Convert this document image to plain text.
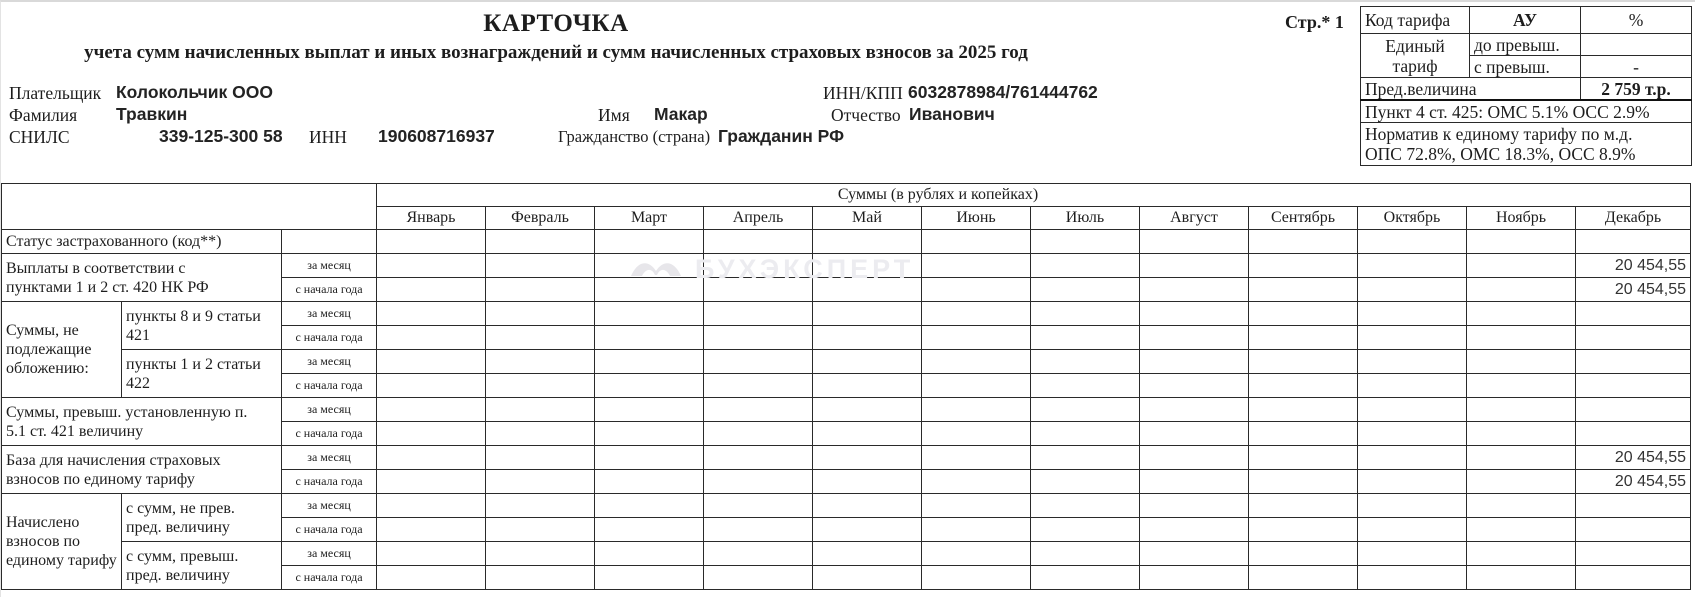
КАРТОЧКА
учета сумм начисленных выплат и иных вознаграждений и сумм начисленных страховых взносов за 2025 год
Стр.* 1 Код тарифа	АУ	%
Единый тариф	до превыш.	
	с превыш.	-
Пред.величина		2 759 т.р.
Пункт 4 ст. 425: ОМС 5.1% ОСС 2.9%		

Норматив к единому тарифу по м.д.
ОПС 72.8%, ОМС 18.3%, ОСС 8.9%		
Плательщик Колокольчик ООО	ИНН/КПП 6032878984/761444762
Фамилия Травкин	Имя Макар	Отчество Иванович
СНИЛС	339-125-300 58 ИНН 190608716937	Гражданство (страна) Гражданин РФ
			Суммы (в рублях и копейках)											
			Январь	Февраль	Март	Апрель	Май	Июнь	Июль	Август	Сентябрь	Октябрь	Ноябрь	Декабрь
Статус застрахованного (код**)														
Выплаты в соответствии с пунктами 1 и 2 ст. 420 НК РФ		за месяц												20 454,55
		с начала года												20 454,55
Суммы, не подлежащие обложению:	пункты 8 и 9 статьи 421	за месяц												
		с начала года												
	пункты 1 и 2 статьи 422	за месяц												
		с начала года												
Суммы, превыш. установленную п. 5.1 ст. 421 величину		за месяц												
		с начала года												
База для начисления страховых взносов по единому тарифу		за месяц												20 454,55
		с начала года												20 454,55
Начислено взносов по единому тарифу	с сумм, не прев. пред. величину	за месяц												
		с начала года												
	с сумм, превыш. пред. величину	за месяц												
		с начала года												
БУХЭКСПЕРТ
